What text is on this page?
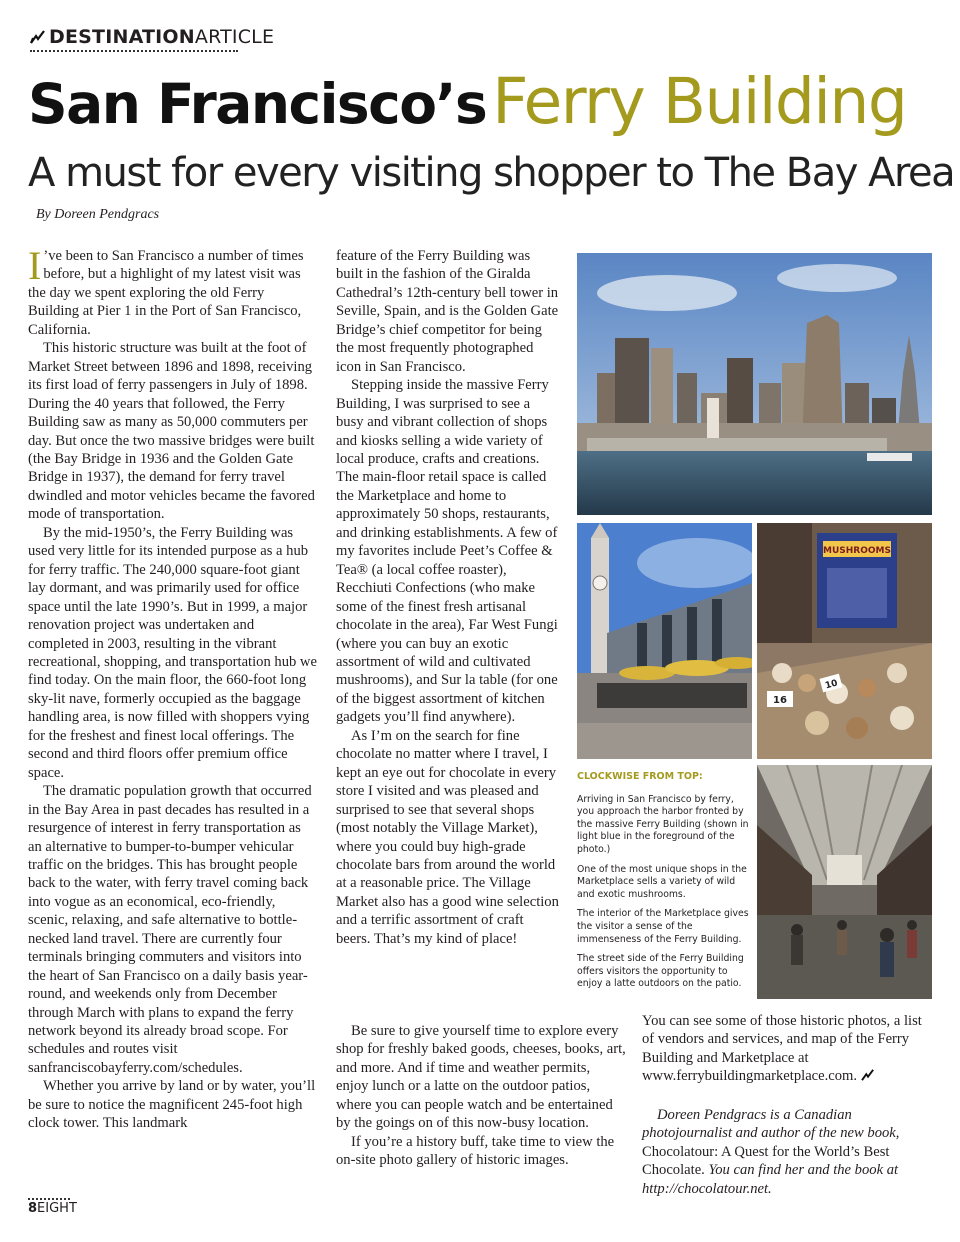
DESTINATIONARTICLE
San Francisco’sFerry Building
A must for every visiting shopper to The Bay Area
By Doreen Pendgracs

I ’ve been to San Francisco a number of times before, but a highlight of my latest visit was the day we spent exploring the old Ferry Building at Pier 1 in the Port of San Francisco, California.

This historic structure was built at the foot of Market Street between 1896 and 1898, receiving its first load of ferry passengers in July of 1898. During the 40 years that followed, the Ferry Building saw as many as 50,000 commuters per day. But once the two massive bridges were built (the Bay Bridge in 1936 and the Golden Gate Bridge in 1937), the demand for ferry travel dwindled and motor vehicles became the favored mode of transportation.

By the mid-1950’s, the Ferry Building was used very little for its intended purpose as a hub for ferry traffic. The 240,000 square-foot giant lay dormant, and was primarily used for office space until the late 1990’s. But in 1999, a major renovation project was undertaken and completed in 2003, resulting in the vibrant recreational, shopping, and transportation hub we find today. On the main floor, the 660-foot long sky-lit nave, formerly occupied as the baggage handling area, is now filled with shoppers vying for the freshest and finest local offerings. The second and third floors offer premium office space.

The dramatic population growth that occurred in the Bay Area in past decades has resulted in a resurgence of interest in ferry transportation as an alternative to bumper-to-bumper vehicular traffic on the bridges. This has brought people back to the water, with ferry travel coming back into vogue as an economical, eco-friendly, scenic, relaxing, and safe alternative to bottle-necked land travel. There are currently four terminals bringing commuters and visitors into the heart of San Francisco on a daily basis year-round, and weekends only from December through March with plans to expand the ferry network beyond its already broad scope. For schedules and routes visit sanfranciscobayferry.com/schedules.

Whether you arrive by land or by water, you’ll be sure to notice the magnificent 245-foot high clock tower. This landmark

feature of the Ferry Building was built in the fashion of the Giralda Cathedral’s 12th-century bell tower in Seville, Spain, and is the Golden Gate Bridge’s chief competitor for being the most frequently photographed icon in San Francisco.

Stepping inside the massive Ferry Building, I was surprised to see a busy and vibrant collection of shops and kiosks selling a wide variety of local produce, crafts and creations. The main-floor retail space is called the Marketplace and home to approximately 50 shops, restaurants, and drinking establishments. A few of my favorites include Peet’s Coffee & Tea® (a local coffee roaster), Recchiuti Confections (who make some of the finest fresh artisanal chocolate in the area), Far West Fungi (where you can buy an exotic assortment of wild and cultivated mushrooms), and Sur la table (for one of the biggest assortment of kitchen gadgets you’ll find anywhere).

As I’m on the search for fine chocolate no matter where I travel, I kept an eye out for chocolate in every store I visited and was pleased and surprised to see that several shops (most notably the Village Market), where you could buy high-grade chocolate bars from around the world at a reasonable price. The Village Market also has a good wine selection and a terrific assortment of craft beers. That’s my kind of place!

Be sure to give yourself time to explore every shop for freshly baked goods, cheeses, books, art, and more. And if time and weather permits, enjoy lunch or a latte on the outdoor patios, where you can people watch and be entertained by the goings on of this now-busy location.

If you’re a history buff, take time to view the on-site photo gallery of historic images.

You can see some of those historic photos, a list of vendors and services, and map of the Ferry Building and Marketplace at www.ferrybuildingmarketplace.com.

Doreen Pendgracs is a Canadian photojournalist and author of the new book, Chocolatour: A Quest for the World’s Best Chocolate. You can find her and the book at http://chocolatour.net.

MUSHROOMS
16
10
CLOCKWISE FROM TOP:

Arriving in San Francisco by ferry, you approach the harbor fronted by the massive Ferry Building (shown in light blue in the foreground of the photo.)

One of the most unique shops in the Marketplace sells a variety of wild and exotic mushrooms.

The interior of the Marketplace gives the visitor a sense of the immenseness of the Ferry Building.

The street side of the Ferry Building offers visitors the opportunity to enjoy a latte outdoors on the patio.

8EIGHT
